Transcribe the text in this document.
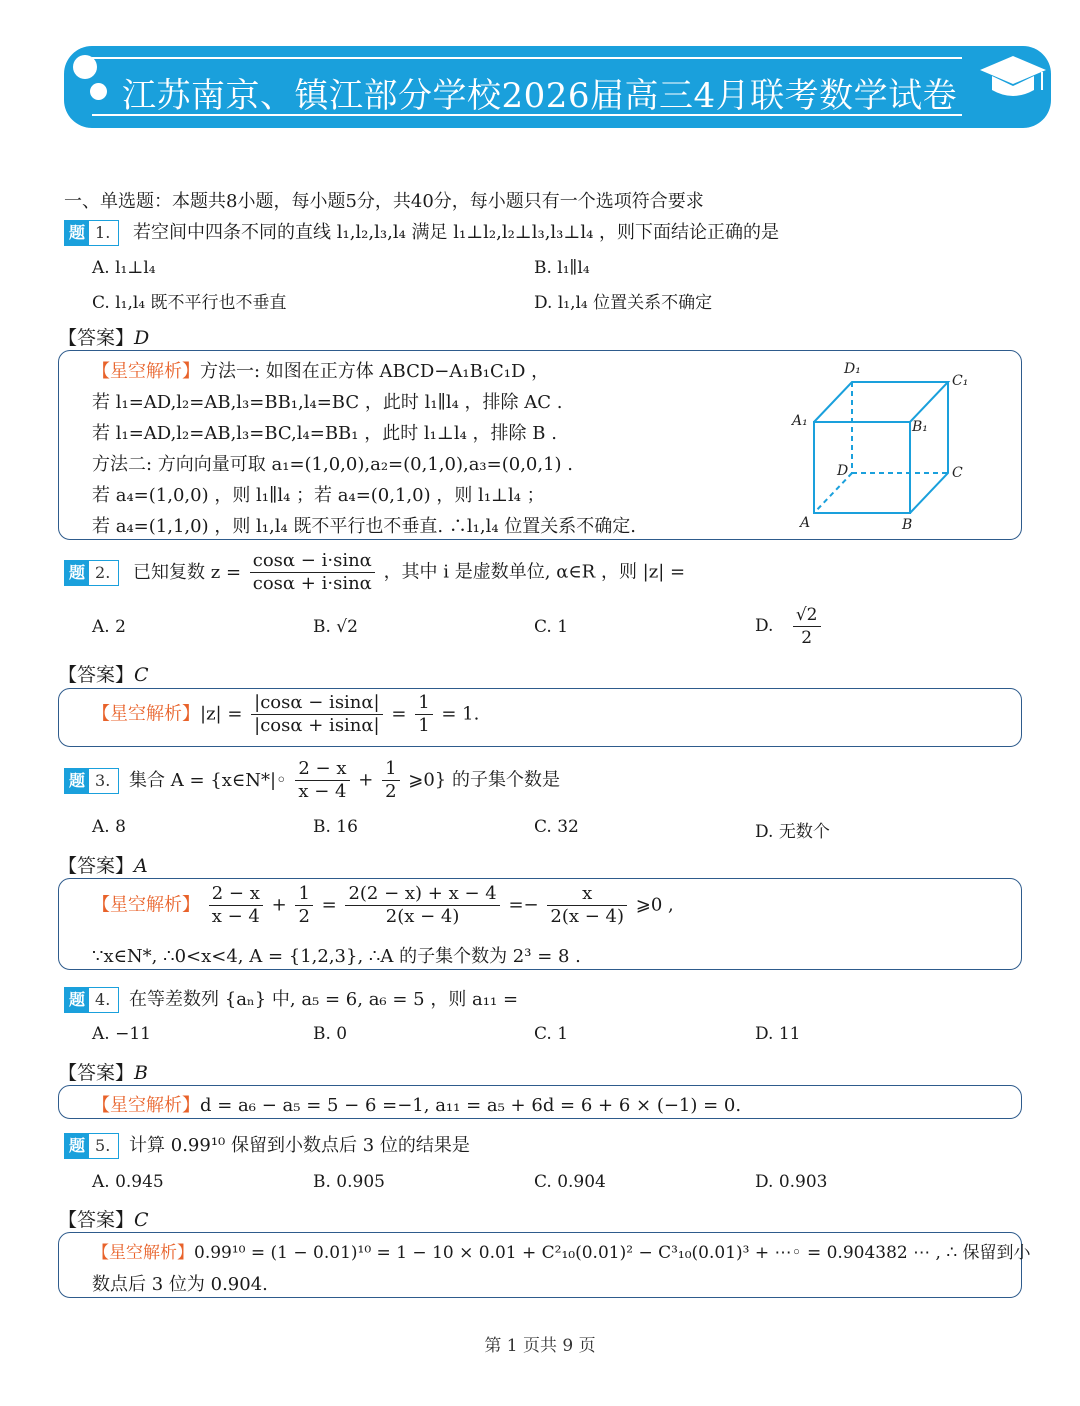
江苏南京、镇江部分学校2026届高三4月联考数学试卷
一、单选题：本题共8小题，每小题5分，共40分，每小题只有一个选项符合要求
题 1. 若空间中四条不同的直线 l₁,l₂,l₃,l₄ 满足 l₁⊥l₂,l₂⊥l₃,l₃⊥l₄ ，则下面结论正确的是
A. l₁⊥l₄	B. l₁∥l₄
C. l₁,l₄ 既不平行也不垂直	D. l₁,l₄ 位置关系不确定
【答案】D
【星空解析】方法一: 如图在正方体 ABCD−A₁B₁C₁D ，
若 l₁=AD,l₂=AB,l₃=BB₁,l₄=BC ，此时 l₁∥l₄ ，排除 AC .
若 l₁=AD,l₂=AB,l₃=BC,l₄=BB₁ ，此时 l₁⊥l₄ ，排除 B .
方法二: 方向向量可取 a₁=(1,0,0),a₂=(0,1,0),a₃=(0,0,1) .
若 a₄=(1,0,0) ，则 l₁∥l₄ ；若 a₄=(0,1,0) ，则 l₁⊥l₄ ；
若 a₄=(1,1,0) ，则 l₁,l₄ 既不平行也不垂直. ∴l₁,l₄ 位置关系不确定.
D₁
C₁
A₁	B₁
D	C
A	B
题 2. 已知复数 $z = \frac{\cos\alpha - i\cdot\sin\alpha}{\cos\alpha + i\cdot\sin\alpha}$ ，其中 i 是虚数单位, α∈R ，则 |z| =
A. 2	B. √2	C. 1	D. $\frac{√2}{2}$
【答案】C
【星空解析】$|z| = \frac{|\cos\alpha - isin\alpha|}{|\cos\alpha + isin\alpha|} = \frac{1}{1} = 1$.
题 3. 集合 A = {x∈N*|◦ $\frac{2 - x}{x - 4} + \frac{1}{2}$ ⩾0} 的子集个数是
A. 8	B. 16	C. 32	D. 无数个
【答案】A
【星空解析】 $\frac{2 - x}{x - 4} + \frac{1}{2} = \frac{2(2 - x) + x - 4}{2(x - 4)} =- \frac{x}{2(x - 4)}$ ⩾0 ,
∵x∈N*, ∴0<x<4, A = {1,2,3}, ∴A 的子集个数为 2³ = 8 .
题 4. 在等差数列 {aₙ} 中, a₅ = 6, a₆ = 5 ，则 a₁₁ =
A. −11	B. 0	C. 1	D. 11
【答案】B
【星空解析】d = a₆ − a₅ = 5 − 6 =−1, a₁₁ = a₅ + 6d = 6 + 6 × (−1) = 0.
题 5. 计算 0.99¹⁰ 保留到小数点后 3 位的结果是
A. 0.945	B. 0.905	C. 0.904	D. 0.903
【答案】C
【星空解析】0.99¹⁰ = (1 − 0.01)¹⁰ = 1 − 10 × 0.01 + C²₁₀(0.01)² − C³₁₀(0.01)³ + ⋯◦ = 0.904382 ⋯ , ∴ 保留到小
数点后 3 位为 0.904.
第 1 页共 9 页
